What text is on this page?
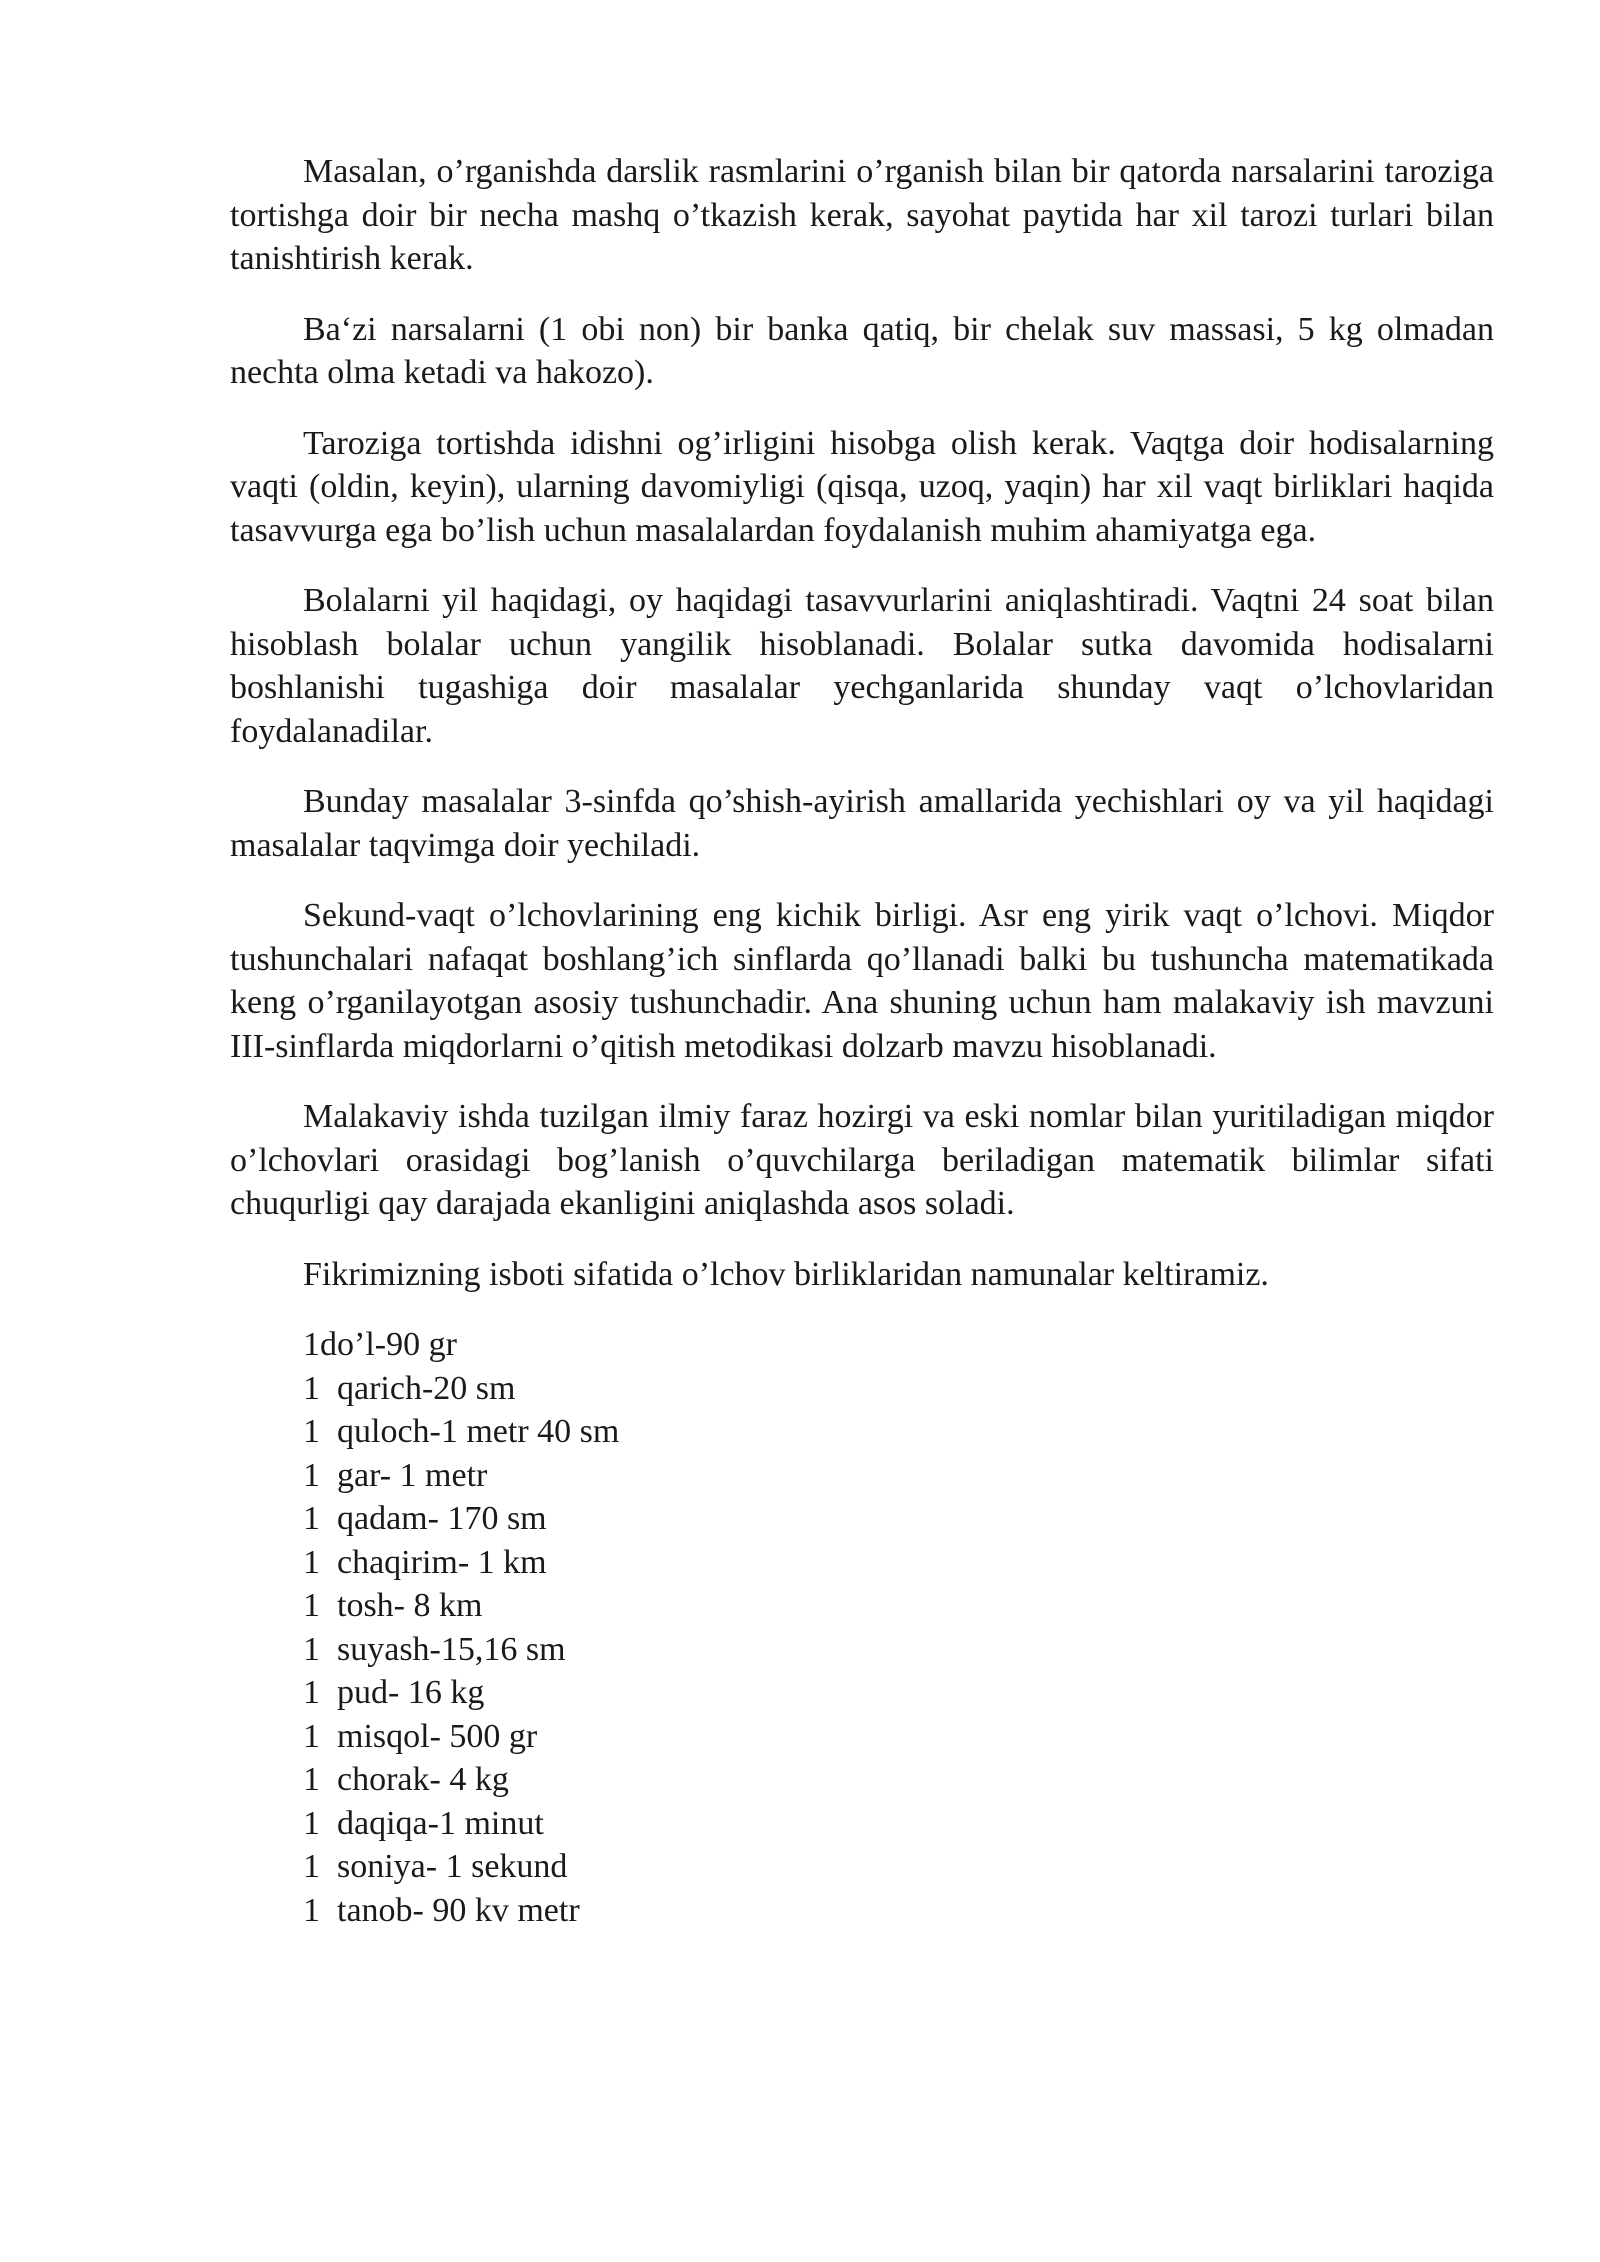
Masalan, o’rganishda darslik rasmlarini o’rganish bilan bir qatorda narsalarini taroziga tortishga doir bir necha mashq o’tkazish kerak, sayohat paytida har xil tarozi turlari bilan tanishtirish kerak.

Ba‘zi narsalarni (1 obi non) bir banka qatiq, bir chelak suv massasi, 5 kg olmadan nechta olma ketadi va hakozo).

Taroziga tortishda idishni og’irligini hisobga olish kerak. Vaqtga doir hodisalarning vaqti (oldin, keyin), ularning davomiyligi (qisqa, uzoq, yaqin) har xil vaqt birliklari haqida tasavvurga ega bo’lish uchun masalalardan foydalanish muhim ahamiyatga ega.

Bolalarni yil haqidagi, oy haqidagi tasavvurlarini aniqlashtiradi. Vaqtni 24 soat bilan hisoblash bolalar uchun yangilik hisoblanadi. Bolalar sutka davomida hodisalarni boshlanishi tugashiga doir masalalar yechganlarida shunday vaqt o’lchovlaridan foydalanadilar.

Bunday masalalar 3-sinfda qo’shish-ayirish amallarida yechishlari oy va yil haqidagi masalalar taqvimga doir yechiladi.

Sekund-vaqt o’lchovlarining eng kichik birligi. Asr eng yirik vaqt o’lchovi. Miqdor tushunchalari nafaqat boshlang’ich sinflarda qo’llanadi balki bu tushuncha matematikada keng o’rganilayotgan asosiy tushunchadir. Ana shuning uchun ham malakaviy ish mavzuni III-sinflarda miqdorlarni o’qitish metodikasi dolzarb mavzu hisoblanadi.

Malakaviy ishda tuzilgan ilmiy faraz hozirgi va eski nomlar bilan yuritiladigan miqdor o’lchovlari orasidagi bog’lanish o’quvchilarga beriladigan matematik bilimlar sifati chuqurligi qay darajada ekanligini aniqlashda asos soladi.

Fikrimizning isboti sifatida o’lchov birliklaridan namunalar keltiramiz.

1do’l-90 gr
1  qarich-20 sm
1  quloch-1 metr 40 sm
1  gar- 1 metr
1  qadam- 170 sm
1  chaqirim- 1 km
1  tosh- 8 km
1  suyash-15,16 sm
1  pud- 16 kg
1  misqol- 500 gr
1  chorak- 4 kg
1  daqiqa-1 minut
1  soniya- 1 sekund
1  tanob- 90 kv metr
